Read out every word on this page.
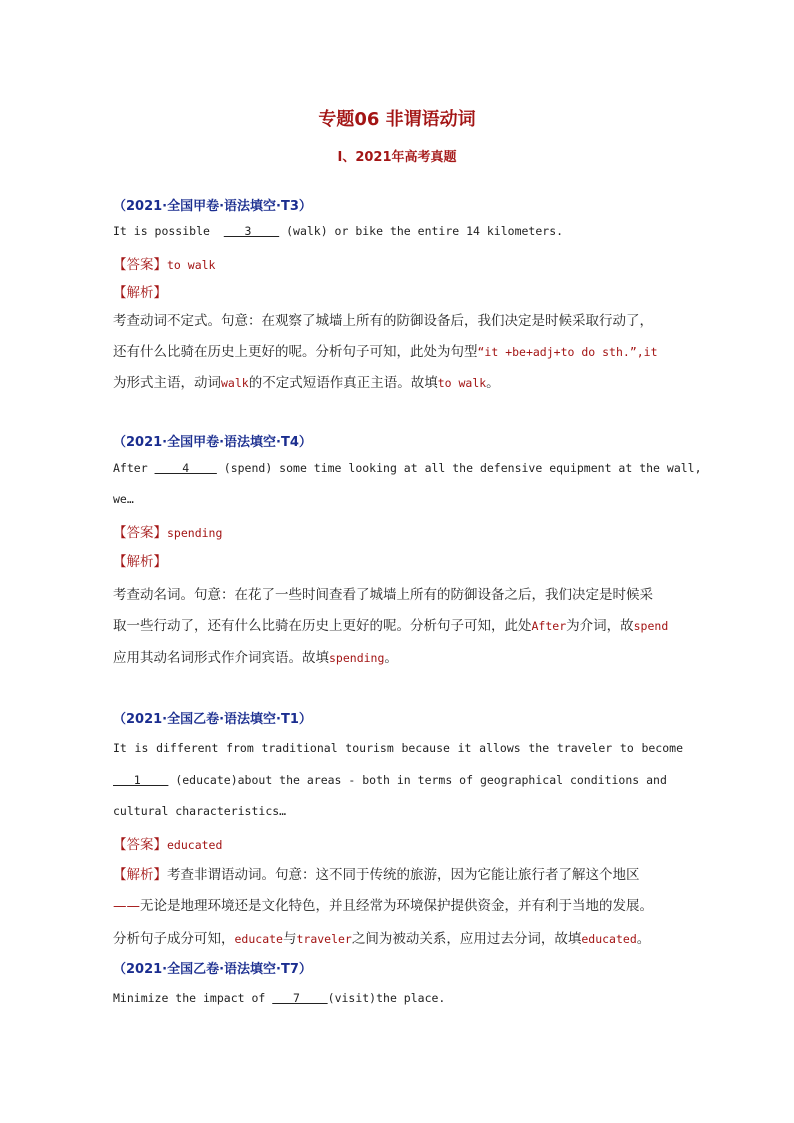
专题06 非谓语动词
I、2021年高考真题
（2021·全国甲卷·语法填空·T3）
It is possible     3     (walk) or bike the entire 14 kilometers.
【答案】to walk
【解析】
考查动词不定式。句意：在观察了城墙上所有的防御设备后，我们决定是时候采取行动了，
还有什么比骑在历史上更好的呢。分析句子可知，此处为句型“it +be+adj+to do sth.”,it
为形式主语，动词walk的不定式短语作真正主语。故填to walk。
（2021·全国甲卷·语法填空·T4）
After     4     (spend) some time looking at all the defensive equipment at the wall,
we…
【答案】spending
【解析】
考查动名词。句意：在花了一些时间查看了城墙上所有的防御设备之后，我们决定是时候采
取一些行动了，还有什么比骑在历史上更好的呢。分析句子可知，此处After为介词，故spend
应用其动名词形式作介词宾语。故填spending。
（2021·全国乙卷·语法填空·T1）
It is different from traditional tourism because it allows the traveler to become
1     (educate)about the areas - both in terms of geographical conditions and
cultural characteristics…
【答案】educated
【解析】考查非谓语动词。句意：这不同于传统的旅游，因为它能让旅行者了解这个地区
——无论是地理环境还是文化特色，并且经常为环境保护提供资金，并有利于当地的发展。
分析句子成分可知，educate与traveler之间为被动关系，应用过去分词，故填educated。
（2021·全国乙卷·语法填空·T7）
Minimize the impact of    7    (visit)the place.
